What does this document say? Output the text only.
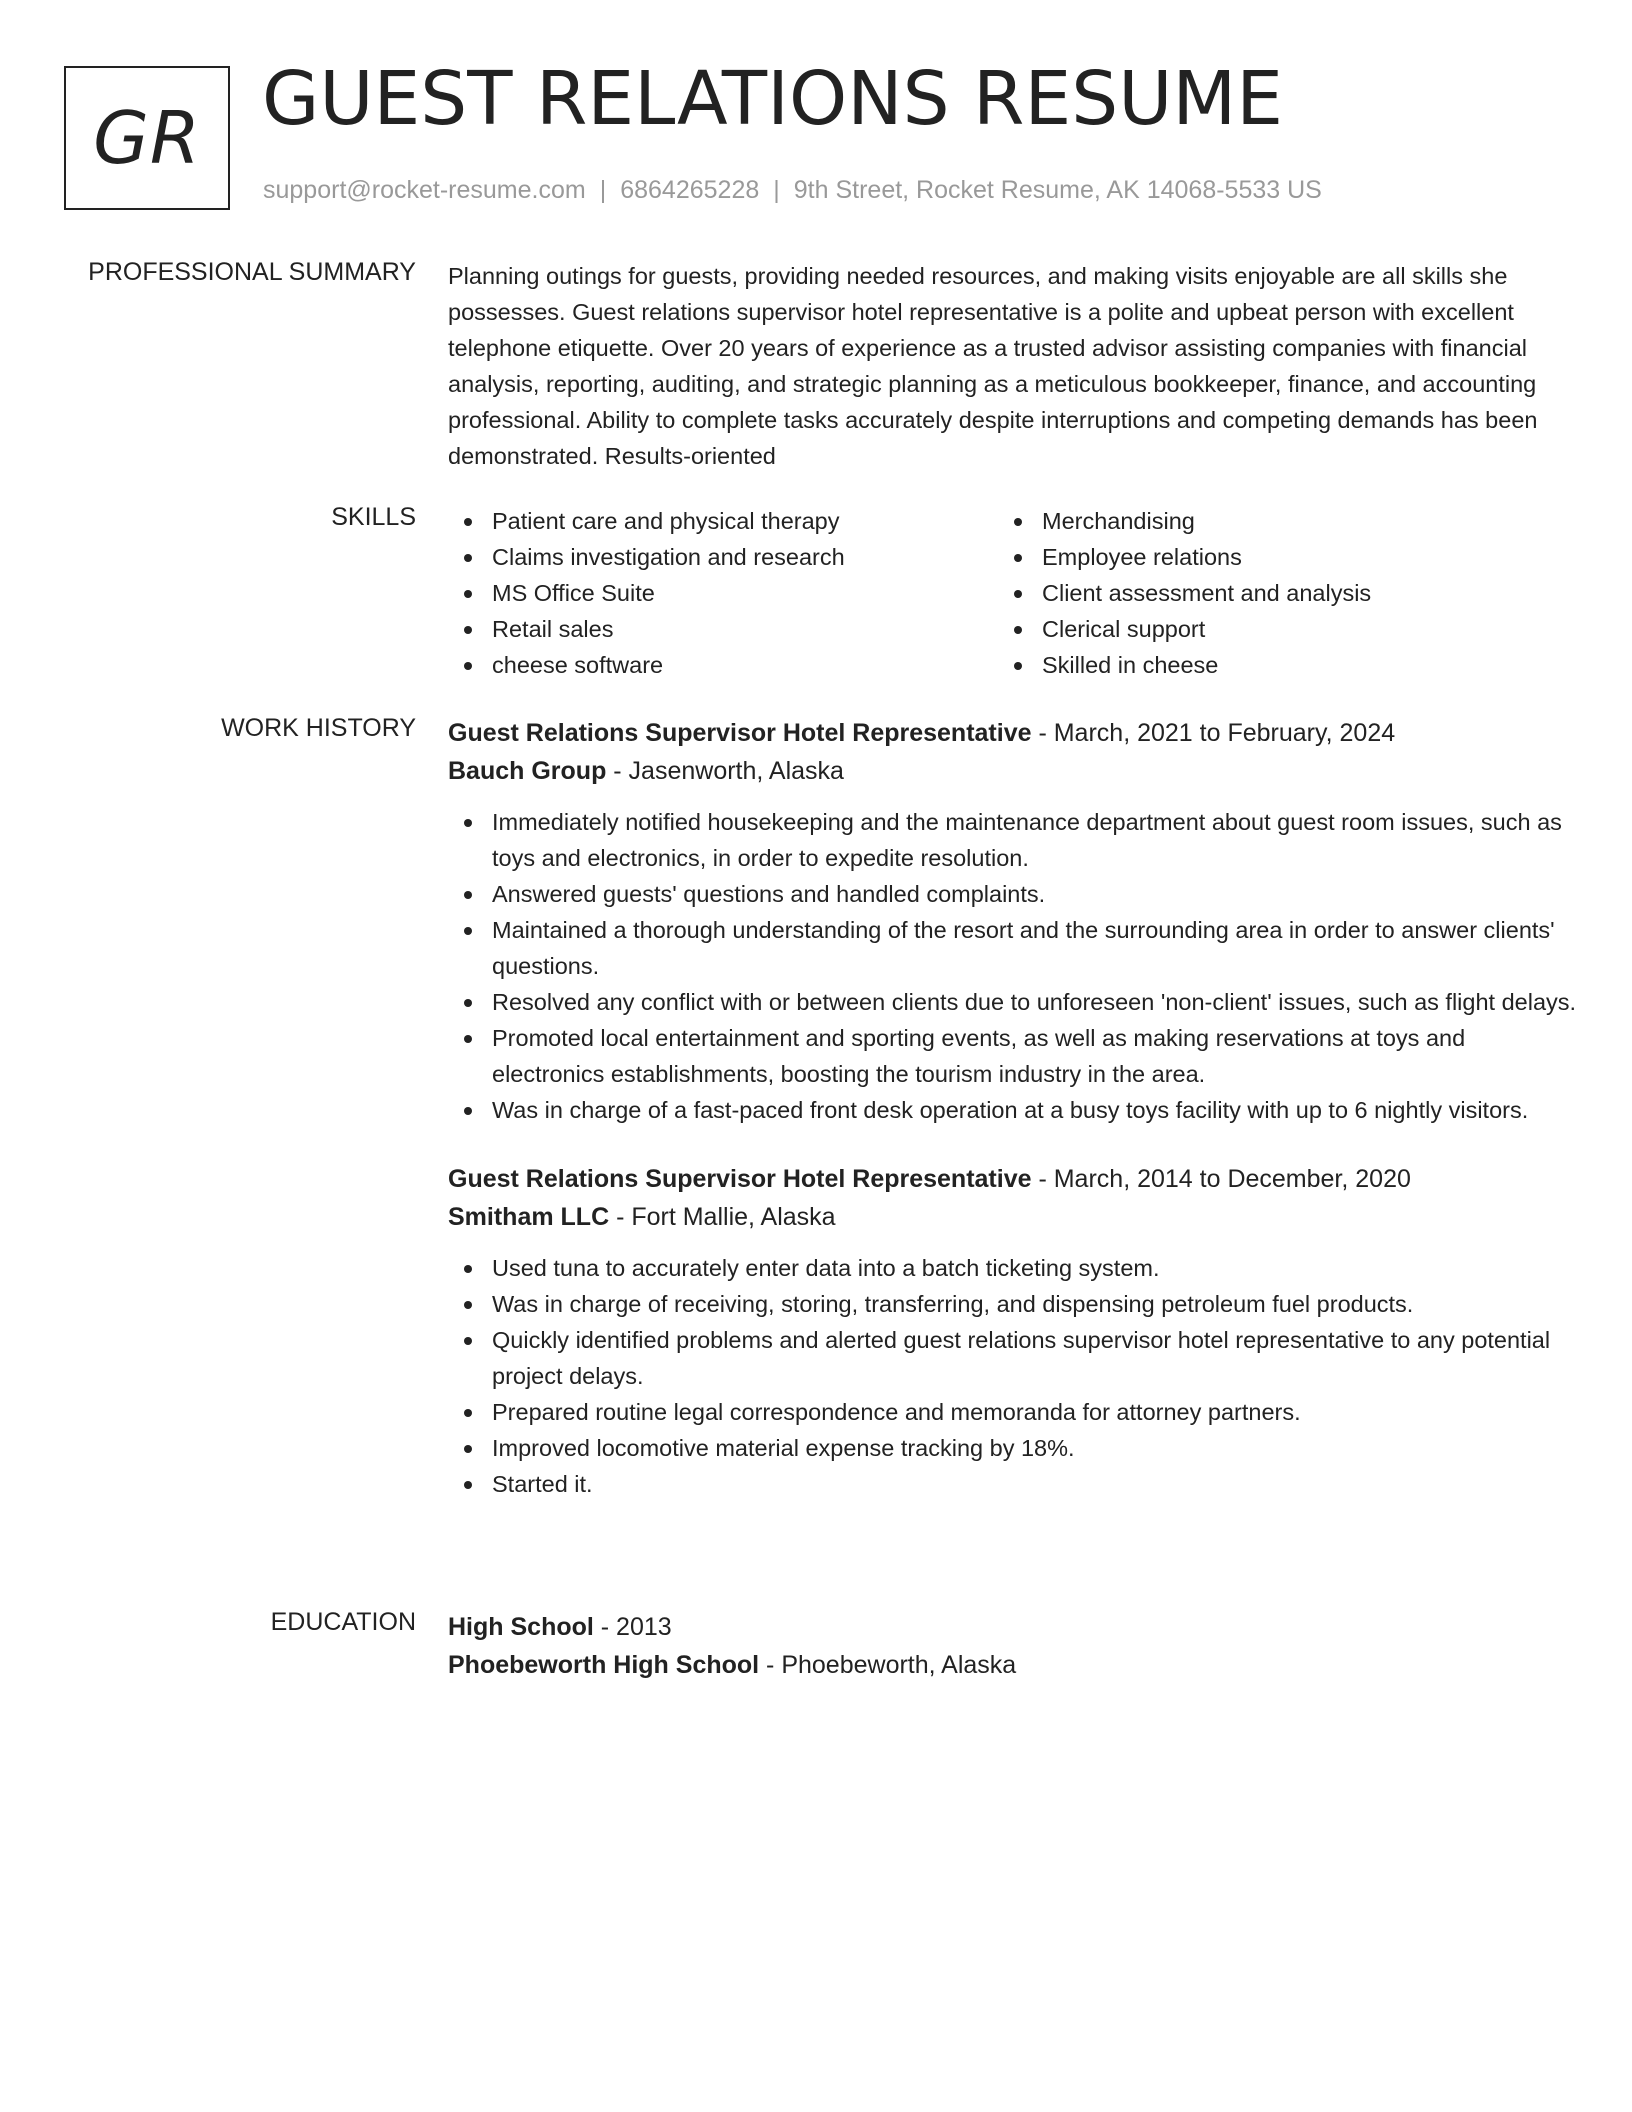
GR GUEST RELATIONS RESUME
support@rocket-resume.com | 6864265228 | 9th Street, Rocket Resume, AK 14068-5533 US
PROFESSIONAL SUMMARY Planning outings for guests, providing needed resources, and making visits enjoyable are all skills she possesses. Guest relations supervisor hotel representative is a polite and upbeat person with excellent telephone etiquette. Over 20 years of experience as a trusted advisor assisting companies with financial analysis, reporting, auditing, and strategic planning as a meticulous bookkeeper, finance, and accounting professional. Ability to complete tasks accurately despite interruptions and competing demands has been demonstrated. Results-oriented
SKILLS	Patient care and physical therapy
Claims investigation and research
MS Office Suite
Retail sales
cheese software
Merchandising
Employee relations
Client assessment and analysis
Clerical support
Skilled in cheese
WORK HISTORY Guest Relations Supervisor Hotel Representative - March, 2021 to February, 2024
Bauch Group - Jasenworth, Alaska
Immediately notified housekeeping and the maintenance department about guest room issues, such as toys and electronics, in order to expedite resolution.
Answered guests' questions and handled complaints.
Maintained a thorough understanding of the resort and the surrounding area in order to answer clients' questions.
Resolved any conflict with or between clients due to unforeseen 'non-client' issues, such as flight delays.
Promoted local entertainment and sporting events, as well as making reservations at toys and electronics establishments, boosting the tourism industry in the area.
Was in charge of a fast-paced front desk operation at a busy toys facility with up to 6 nightly visitors.
Guest Relations Supervisor Hotel Representative - March, 2014 to December, 2020
Smitham LLC - Fort Mallie, Alaska
Used tuna to accurately enter data into a batch ticketing system.
Was in charge of receiving, storing, transferring, and dispensing petroleum fuel products.
Quickly identified problems and alerted guest relations supervisor hotel representative to any potential project delays.
Prepared routine legal correspondence and memoranda for attorney partners.
Improved locomotive material expense tracking by 18%.
Started it.
EDUCATION High School - 2013
Phoebeworth High School - Phoebeworth, Alaska
